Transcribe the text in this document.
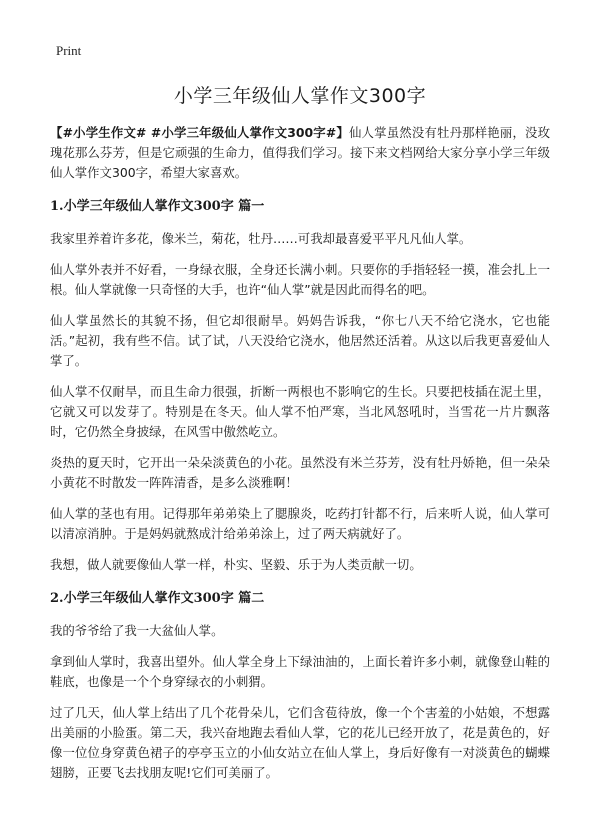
Print
小学三年级仙人掌作文300字

【#小学生作文# #小学三年级仙人掌作文300字#】仙人掌虽然没有牡丹那样艳丽，没玫瑰花那么芬芳，但是它顽强的生命力，值得我们学习。接下来文档网给大家分享小学三年级仙人掌作文300字，希望大家喜欢。

1.小学三年级仙人掌作文300字 篇一

我家里养着许多花，像米兰，菊花，牡丹……可我却最喜爱平平凡凡仙人掌。

仙人掌外表并不好看，一身绿衣服，全身还长满小刺。只要你的手指轻轻一摸，准会扎上一根。仙人掌就像一只奇怪的大手，也许“仙人掌”就是因此而得名的吧。

仙人掌虽然长的其貌不扬，但它却很耐旱。妈妈告诉我，“你七八天不给它浇水，它也能活。”起初，我有些不信。试了试，八天没给它浇水，他居然还活着。从这以后我更喜爱仙人掌了。

仙人掌不仅耐旱，而且生命力很强，折断一两根也不影响它的生长。只要把枝插在泥土里，它就又可以发芽了。特别是在冬天。仙人掌不怕严寒，当北风怒吼时，当雪花一片片飘落时，它仍然全身披绿，在风雪中傲然屹立。

炎热的夏天时，它开出一朵朵淡黄色的小花。虽然没有米兰芬芳，没有牡丹娇艳，但一朵朵小黄花不时散发一阵阵清香，是多么淡雅啊！

仙人掌的茎也有用。记得那年弟弟染上了腮腺炎，吃药打针都不行，后来听人说，仙人掌可以清凉消肿。于是妈妈就熬成汁给弟弟涂上，过了两天病就好了。

我想，做人就要像仙人掌一样，朴实、坚毅、乐于为人类贡献一切。

2.小学三年级仙人掌作文300字 篇二

我的爷爷给了我一大盆仙人掌。

拿到仙人掌时，我喜出望外。仙人掌全身上下绿油油的，上面长着许多小刺，就像登山鞋的鞋底，也像是一个个身穿绿衣的小刺猬。

过了几天，仙人掌上结出了几个花骨朵儿，它们含苞待放，像一个个害羞的小姑娘，不想露出美丽的小脸蛋。第二天，我兴奋地跑去看仙人掌，它的花儿已经开放了，花是黄色的，好像一位位身穿黄色裙子的亭亭玉立的小仙女站立在仙人掌上，身后好像有一对淡黄色的蝴蝶翅膀，正要飞去找朋友呢!它们可美丽了。
